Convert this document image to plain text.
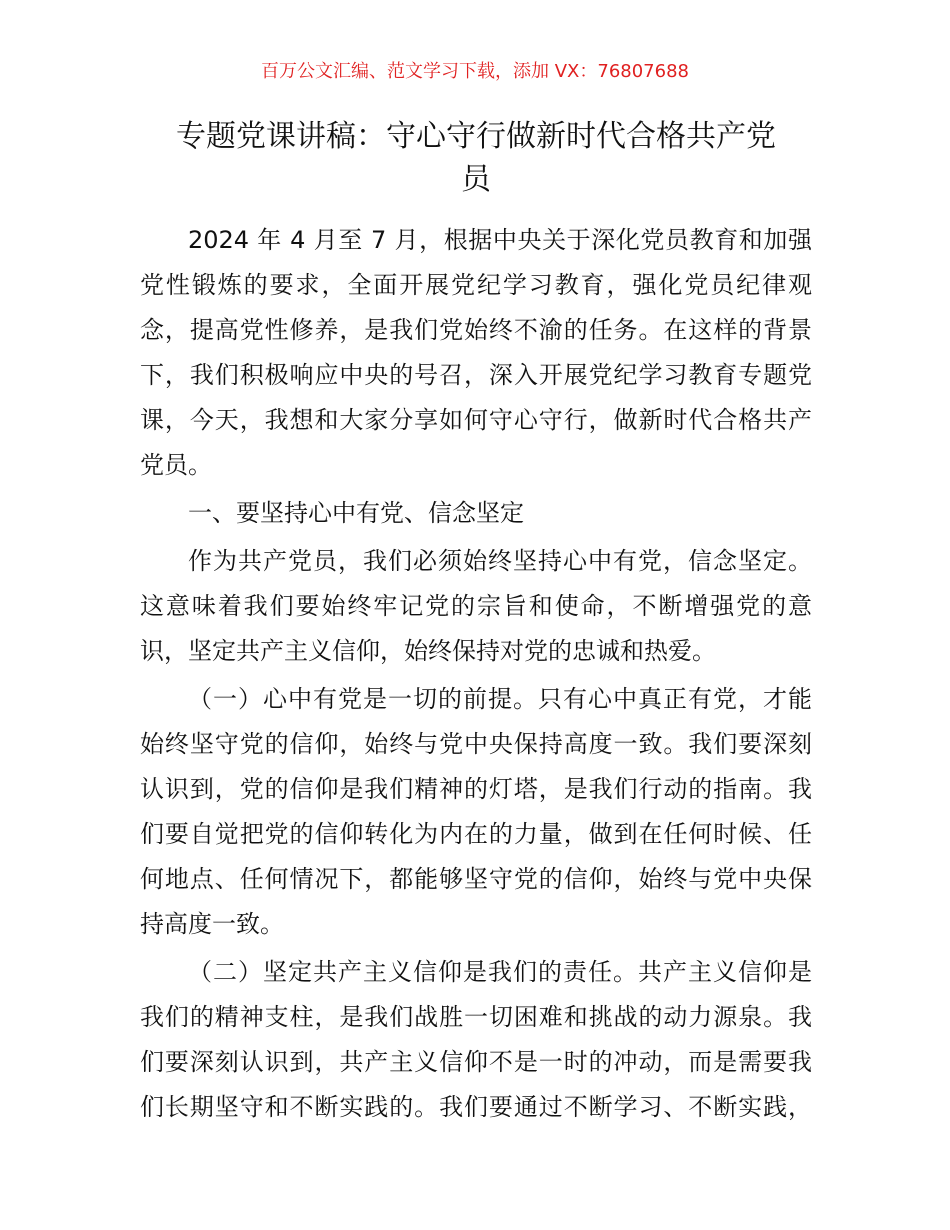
百万公文汇编、范文学习下载，添加 VX：76807688
专题党课讲稿：守心守行做新时代合格共产党
员
2024 年 4 月至 7 月，根据中央关于深化党员教育和加强
党性锻炼的要求，全面开展党纪学习教育，强化党员纪律观
念，提高党性修养，是我们党始终不渝的任务。在这样的背景
下，我们积极响应中央的号召，深入开展党纪学习教育专题党
课，今天，我想和大家分享如何守心守行，做新时代合格共产
党员。
一、要坚持心中有党、信念坚定
作为共产党员，我们必须始终坚持心中有党，信念坚定。
这意味着我们要始终牢记党的宗旨和使命，不断增强党的意
识，坚定共产主义信仰，始终保持对党的忠诚和热爱。
（一）心中有党是一切的前提。只有心中真正有党，才能
始终坚守党的信仰，始终与党中央保持高度一致。我们要深刻
认识到，党的信仰是我们精神的灯塔，是我们行动的指南。我
们要自觉把党的信仰转化为内在的力量，做到在任何时候、任
何地点、任何情况下，都能够坚守党的信仰，始终与党中央保
持高度一致。
（二）坚定共产主义信仰是我们的责任。共产主义信仰是
我们的精神支柱，是我们战胜一切困难和挑战的动力源泉。我
们要深刻认识到，共产主义信仰不是一时的冲动，而是需要我
们长期坚守和不断实践的。我们要通过不断学习、不断实践，
